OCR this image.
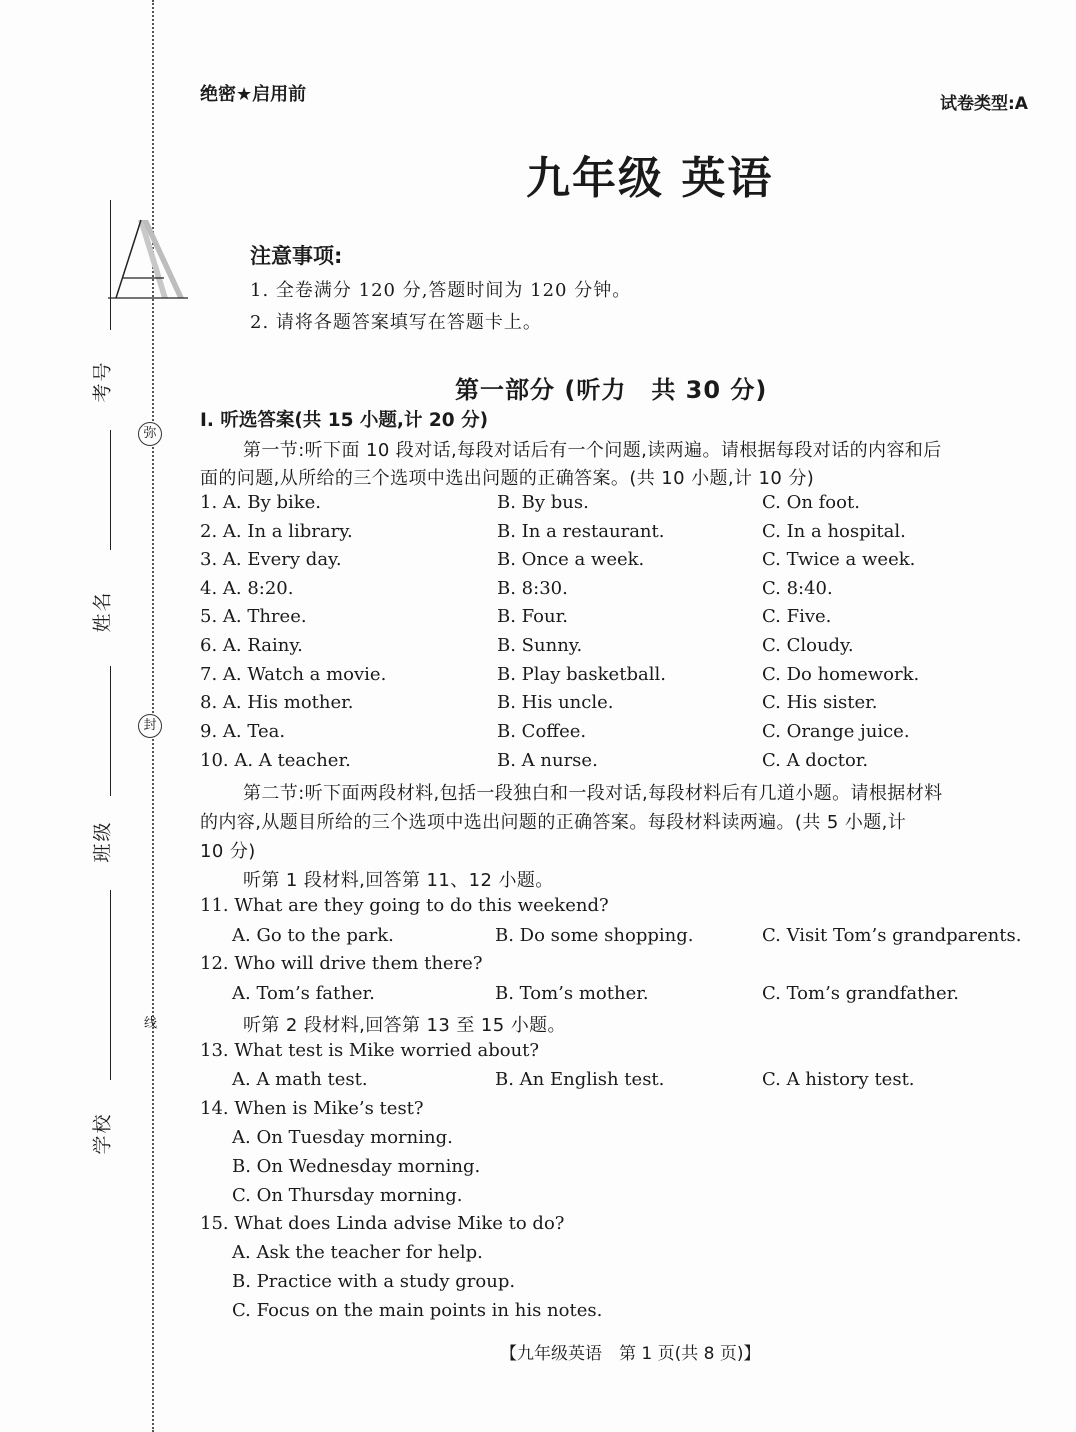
弥
封
线
考号
姓名
班级
学校
A
绝密★启用前	试卷类型:A
九年级 英语
注意事项:
1. 全卷满分 120 分,答题时间为 120 分钟。
2. 请将各题答案填写在答题卡上。
第一部分 (听力　共 30 分)
Ⅰ. 听选答案(共 15 小题,计 20 分)
第一节:听下面 10 段对话,每段对话后有一个问题,读两遍。请根据每段对话的内容和后
面的问题,从所给的三个选项中选出问题的正确答案。(共 10 小题,计 10 分)
1. A. By bike.	B. By bus.	C. On foot.
2. A. In a library.	B. In a restaurant.	C. In a hospital.
3. A. Every day.	B. Once a week.	C. Twice a week.
4. A. 8:20.	B. 8:30.	C. 8:40.
5. A. Three.	B. Four.	C. Five.
6. A. Rainy.	B. Sunny.	C. Cloudy.
7. A. Watch a movie.	B. Play basketball.	C. Do homework.
8. A. His mother.	B. His uncle.	C. His sister.
9. A. Tea.	B. Coffee.	C. Orange juice.
10. A. A teacher.	B. A nurse.	C. A doctor.
第二节:听下面两段材料,包括一段独白和一段对话,每段材料后有几道小题。请根据材料
的内容,从题目所给的三个选项中选出问题的正确答案。每段材料读两遍。(共 5 小题,计
10 分)
听第 1 段材料,回答第 11、12 小题。
11. What are they going to do this weekend?
A. Go to the park.	B. Do some shopping.	C. Visit Tom’s grandparents.
12. Who will drive them there?
A. Tom’s father.	B. Tom’s mother.	C. Tom’s grandfather.
听第 2 段材料,回答第 13 至 15 小题。
13. What test is Mike worried about?
A. A math test.	B. An English test.	C. A history test.
14. When is Mike’s test?
A. On Tuesday morning.
B. On Wednesday morning.
C. On Thursday morning.
15. What does Linda advise Mike to do?
A. Ask the teacher for help.
B. Practice with a study group.
C. Focus on the main points in his notes.
【九年级英语　第 1 页(共 8 页)】
